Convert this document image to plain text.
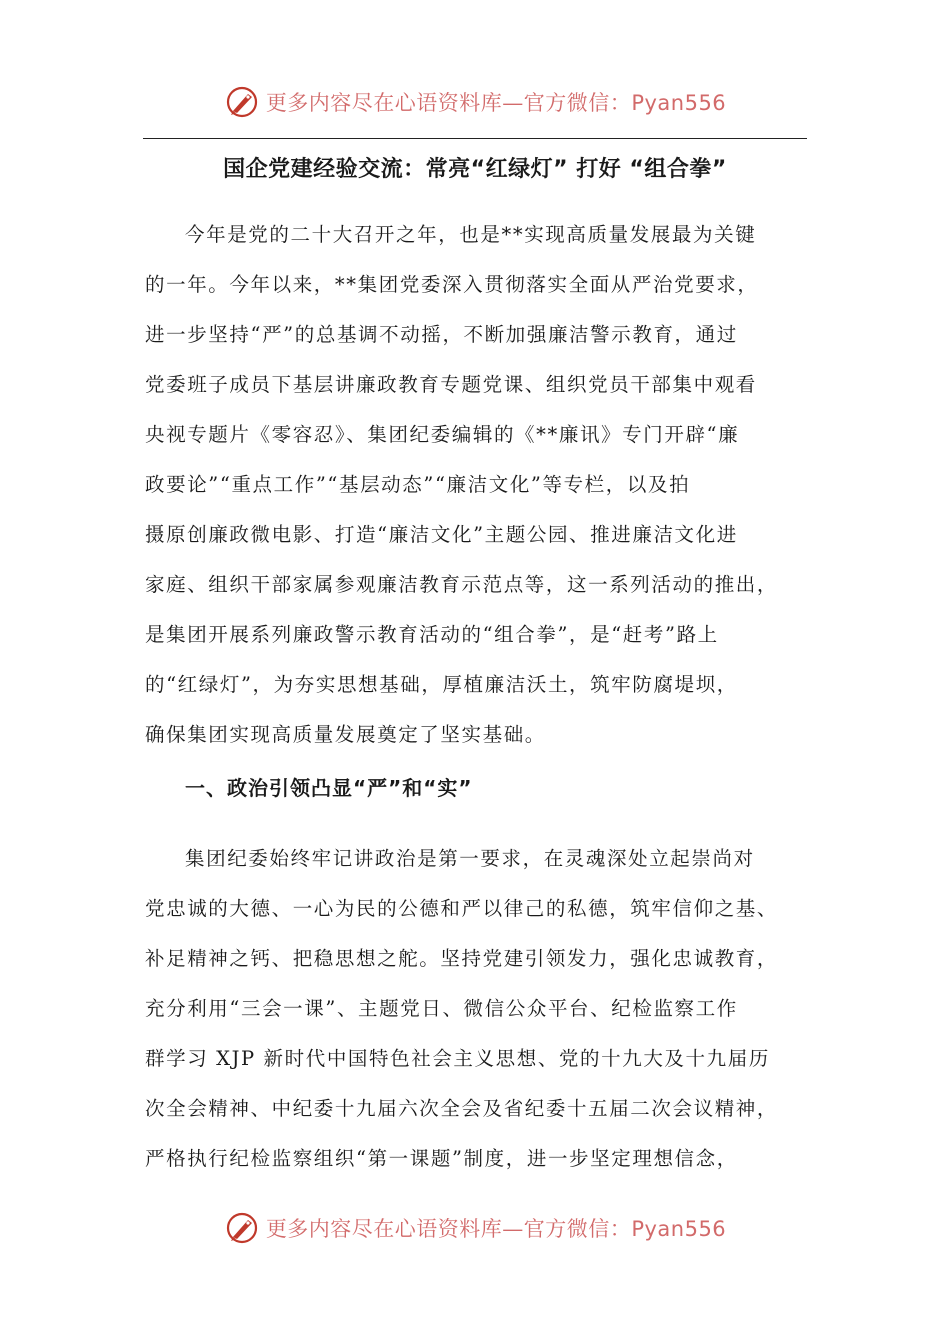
更多内容尽在心语资料库—官方微信：Pyan556
国企党建经验交流：常亮“红绿灯” 打好 “组合拳”
今年是党的二十大召开之年，也是**实现高质量发展最为关键
的一年。今年以来，**集团党委深入贯彻落实全面从严治党要求，
进一步坚持“严”的总基调不动摇，不断加强廉洁警示教育，通过
党委班子成员下基层讲廉政教育专题党课、组织党员干部集中观看
央视专题片《零容忍》、集团纪委编辑的《**廉讯》专门开辟“廉
政要论”“重点工作”“基层动态”“廉洁文化”等专栏，以及拍
摄原创廉政微电影、打造“廉洁文化”主题公园、推进廉洁文化进
家庭、组织干部家属参观廉洁教育示范点等，这一系列活动的推出，
是集团开展系列廉政警示教育活动的“组合拳”，是“赶考”路上
的“红绿灯”，为夯实思想基础，厚植廉洁沃土，筑牢防腐堤坝，
确保集团实现高质量发展奠定了坚实基础。
一、政治引领凸显“严”和“实”
集团纪委始终牢记讲政治是第一要求，在灵魂深处立起崇尚对
党忠诚的大德、一心为民的公德和严以律己的私德，筑牢信仰之基、
补足精神之钙、把稳思想之舵。坚持党建引领发力，强化忠诚教育，
充分利用“三会一课”、主题党日、微信公众平台、纪检监察工作
群学习 XJP 新时代中国特色社会主义思想、党的十九大及十九届历
次全会精神、中纪委十九届六次全会及省纪委十五届二次会议精神，
严格执行纪检监察组织“第一课题”制度，进一步坚定理想信念，
更多内容尽在心语资料库—官方微信：Pyan556
